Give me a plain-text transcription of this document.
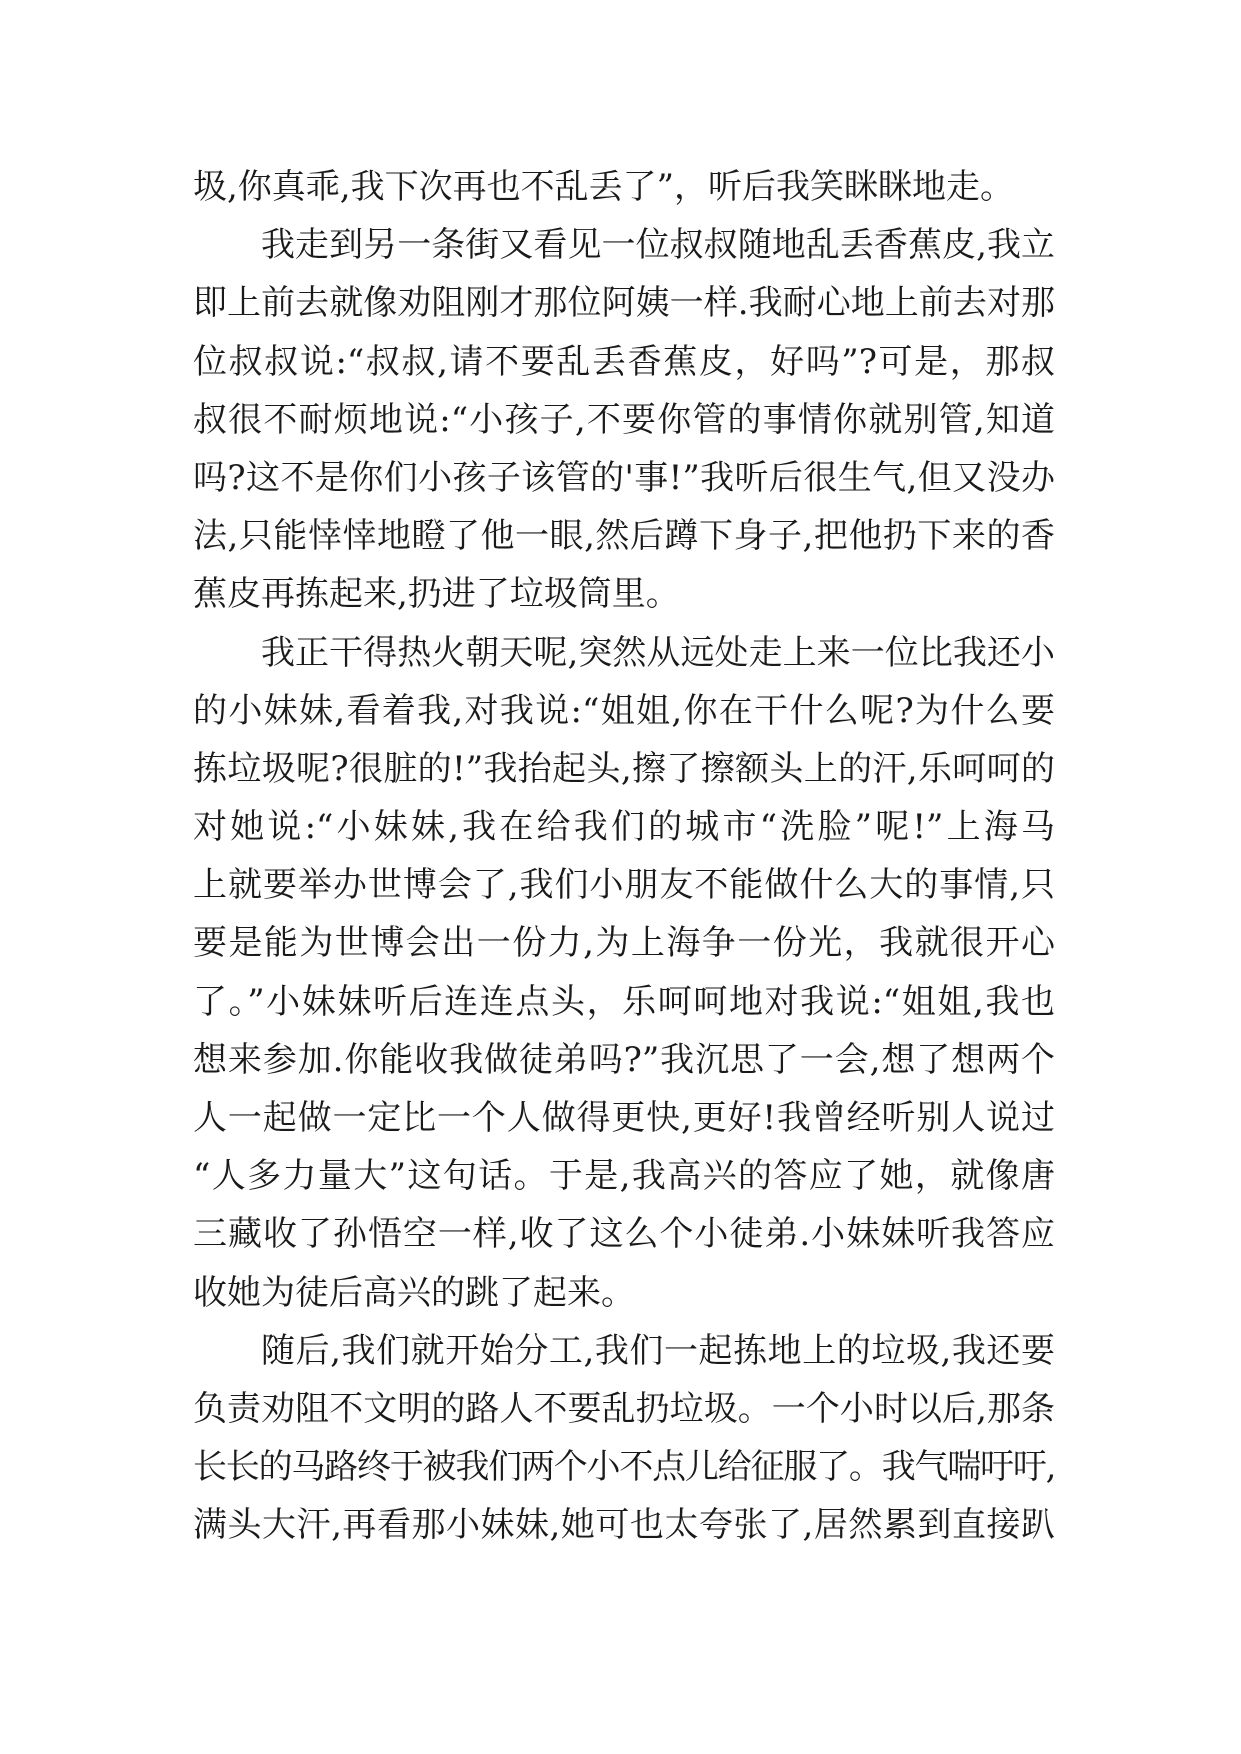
圾,你真乖,我下次再也不乱丢了”，听后我笑眯眯地走。
我走到另一条街又看见一位叔叔随地乱丢香蕉皮,我立
即上前去就像劝阻刚才那位阿姨一样.我耐心地上前去对那
位叔叔说:“叔叔,请不要乱丢香蕉皮，好吗”?可是，那叔
叔很不耐烦地说:“小孩子,不要你管的事情你就别管,知道
吗?这不是你们小孩子该管的'事!”我听后很生气,但又没办
法,只能悻悻地瞪了他一眼,然后蹲下身子,把他扔下来的香
蕉皮再拣起来,扔进了垃圾筒里。
我正干得热火朝天呢,突然从远处走上来一位比我还小
的小妹妹,看着我,对我说:“姐姐,你在干什么呢?为什么要
拣垃圾呢?很脏的!”我抬起头,擦了擦额头上的汗,乐呵呵的
对她说:“小妹妹,我在给我们的城市“洗脸”呢!”上海马
上就要举办世博会了,我们小朋友不能做什么大的事情,只
要是能为世博会出一份力,为上海争一份光，我就很开心
了。”小妹妹听后连连点头，乐呵呵地对我说:“姐姐,我也
想来参加.你能收我做徒弟吗?”我沉思了一会,想了想两个
人一起做一定比一个人做得更快,更好!我曾经听别人说过
“人多力量大”这句话。于是,我高兴的答应了她，就像唐
三藏收了孙悟空一样,收了这么个小徒弟.小妹妹听我答应
收她为徒后高兴的跳了起来。
随后,我们就开始分工,我们一起拣地上的垃圾,我还要
负责劝阻不文明的路人不要乱扔垃圾。一个小时以后,那条
长长的马路终于被我们两个小不点儿给征服了。我气喘吁吁,
满头大汗,再看那小妹妹,她可也太夸张了,居然累到直接趴
